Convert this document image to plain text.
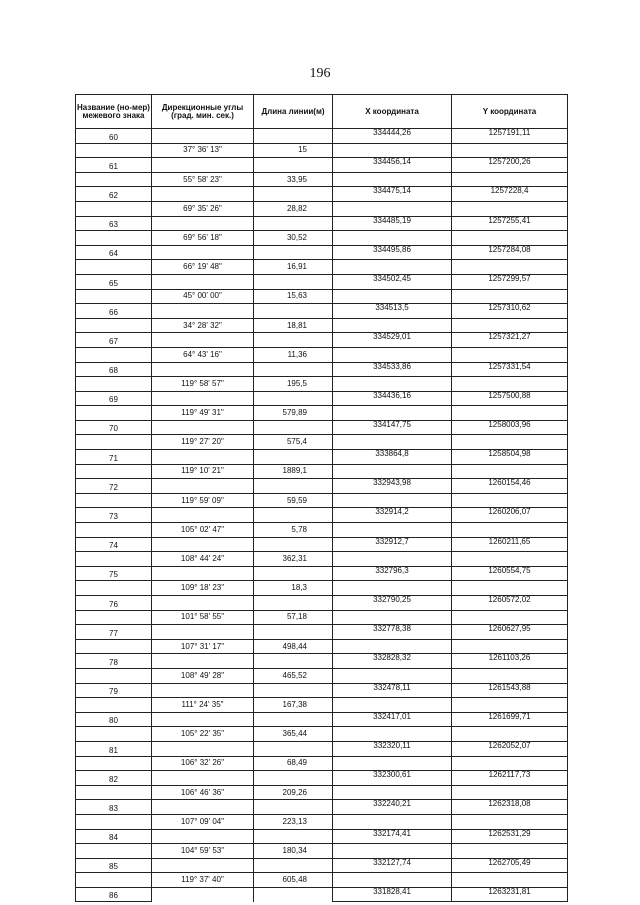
196
Название (но-мер) межевого знака	Дирекционные углы (град. мин. сек.)	Длина линии(м)	X координата	Y координата
60			334444,26	1257191,11
	37° 36' 13"	15		
61			334456,14	1257200,26
	55° 58' 23"	33,95		
62			334475,14	1257228,4
	69° 35' 26"	28,82		
63			334485,19	1257255,41
	69° 56' 18"	30,52		
64			334495,86	1257284,08
	66° 19' 48"	16,91		
65			334502,45	1257299,57
	45° 00' 00"	15,63		
66			334513,5	1257310,62
	34° 28' 32"	18,81		
67			334529,01	1257321,27
	64° 43' 16"	11,36		
68			334533,86	1257331,54
	119° 58' 57"	195,5		
69			334436,16	1257500,88
	119° 49' 31"	579,89		
70			334147,75	1258003,96
	119° 27' 20"	575,4		
71			333864,8	1258504,98
	119° 10' 21"	1889,1		
72			332943,98	1260154,46
	119° 59' 09"	59,59		
73			332914,2	1260206,07
	105° 02' 47"	5,78		
74			332912,7	1260211,65
	108° 44' 24"	362,31		
75			332796,3	1260554,75
	109° 18' 23"	18,3		
76			332790,25	1260572,02
	101° 58' 55"	57,18		
77			332778,38	1260627,95
	107° 31' 17"	498,44		
78			332828,32	1261103,26
	108° 49' 28"	465,52		
79			332478,11	1261543,88
	111° 24' 35"	167,38		
80			332417,01	1261699,71
	105° 22' 35"	365,44		
81			332320,11	1262052,07
	106° 32' 26"	68,49		
82			332300,61	1262117,73
	106° 46' 36"	209,26		
83			332240,21	1262318,08
	107° 09' 04"	223,13		
84			332174,41	1262531,29
	104° 59' 53"	180,34		
85			332127,74	1262705,49
	119° 37' 40"	605,48		
86			331828,41	1263231,81
